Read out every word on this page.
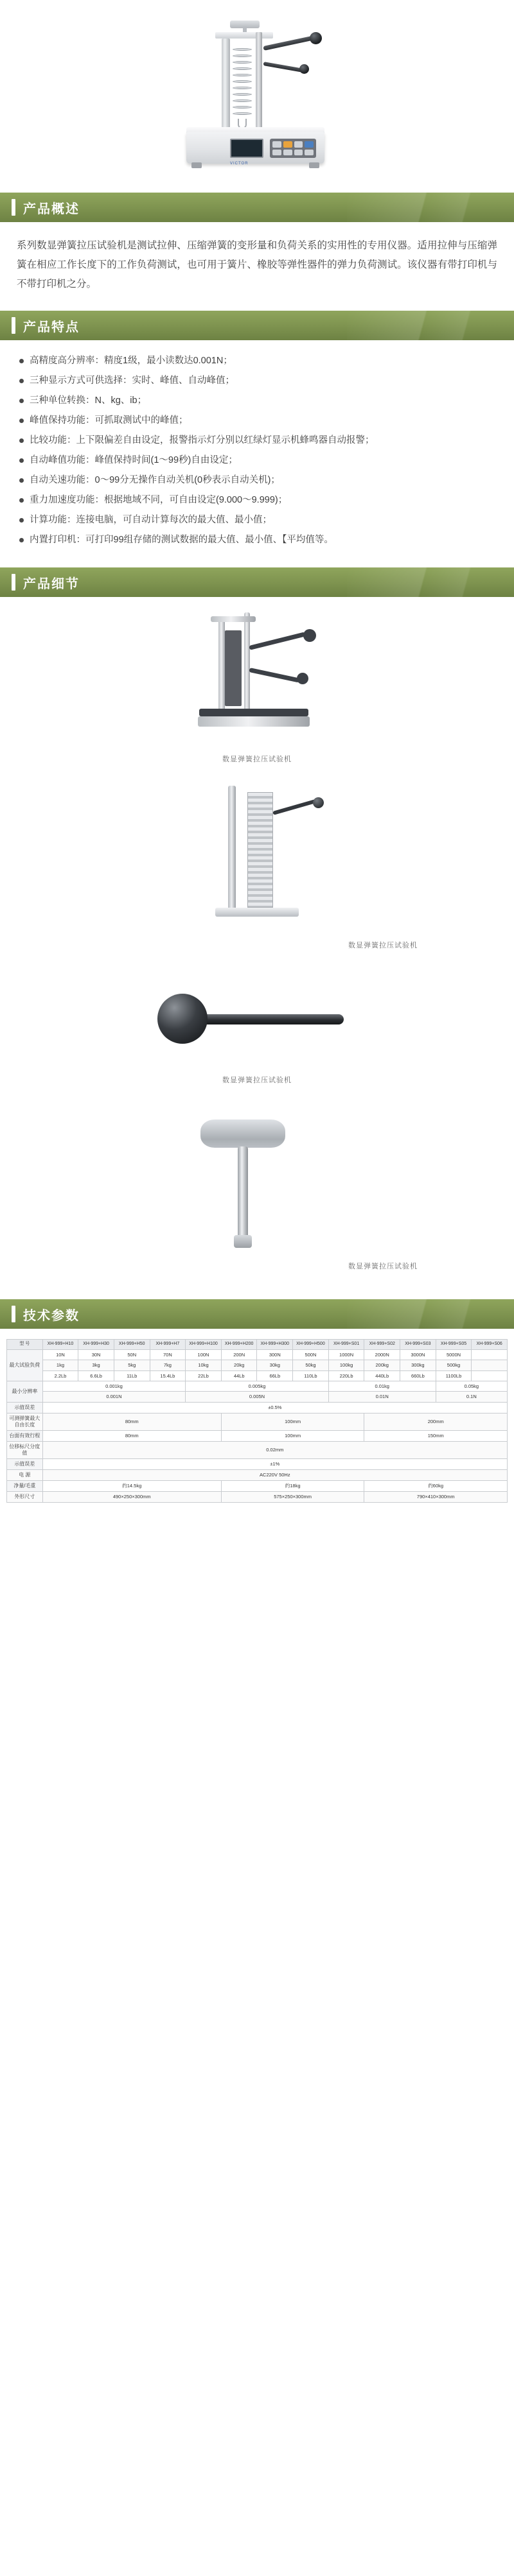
VICTOR
产品概述
系列数显弹簧拉压试验机是测试拉伸、压缩弹簧的变形量和负荷关系的实用性的专用仪器。适用拉伸与压缩弹簧在相应工作长度下的工作负荷测试，也可用于簧片、橡胶等弹性器件的弹力负荷测试。该仪器有带打印机与不带打印机之分。
产品特点
高精度高分辨率：精度1级，最小读数达0.001N；
三种显示方式可供选择：实时、峰值、自动峰值；
三种单位转换：N、kg、ib；
峰值保持功能：可抓取测试中的峰值；
比较功能：上下限偏差自由设定，报警指示灯分别以红绿灯显示机蜂鸣器自动报警；
自动峰值功能：峰值保持时间(1～99秒)自由设定；
自动关速功能：0～99分无操作自动关机(0秒表示自动关机)；
重力加速度功能：根据地域不同，可自由设定(9.000～9.999)；
计算功能：连接电脑，可自动计算每次的最大值、最小值；
内置打印机：可打印99组存储的测试数据的最大值、最小值、【平均值等。
产品细节
数显弹簧拉压试验机
数显弹簧拉压试验机
数显弹簧拉压试验机
数显弹簧拉压试验机
技术参数
型 号	XH-999+H10	XH-999+H30	XH-999+H50	XH-999+H7	XH-999+H100	XH-999+H200	XH-999+H300	XH-999+H500	XH-999+S01	XH-999+S02	XH-999+S03	XH-999+S05	XH-999+S06
最大试验负荷	10N	30N	50N	70N	100N	200N	300N	500N	1000N	2000N	3000N	5000N	
	1kg	3kg	5kg	7kg	10kg	20kg	30kg	50kg	100kg	200kg	300kg	500kg	
	2.2Lb	6.6Lb	11Lb	15.4Lb	22Lb	44Lb	66Lb	110Lb	220Lb	440Lb	660Lb	1100Lb	
最小分辨率	0.001kg				0.005kg				0.01kg			0.05kg	
	0.001N				0.005N				0.01N			0.1N	
示值误差	±0.5%												
可测弹簧最大自由长度	80mm					100mm				200mm			
台面有效行程	80mm					100mm				150mm			
位移标尺分度值	0.02mm												
示值误差	±1%												
电 源	AC220V 50Hz												
净量/毛重	约14.5kg					约18kg				约60kg			
外形尺寸	490×250×300mm					575×250×300mm				790×410×300mm			
